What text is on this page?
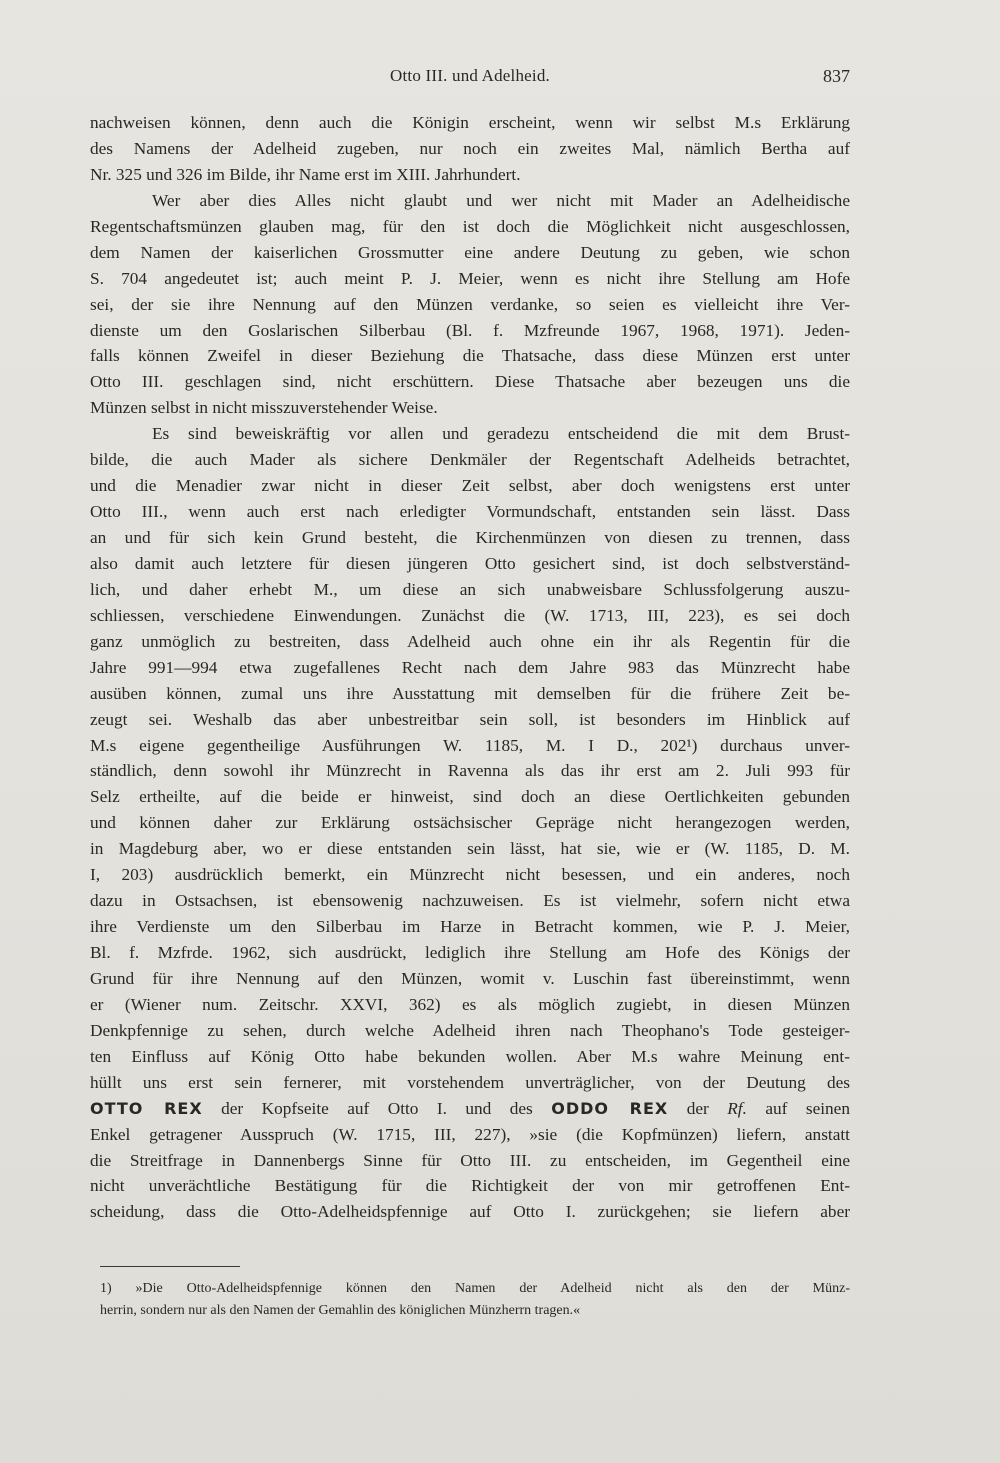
Otto III. und Adelheid.	837
nachweisen können, denn auch die Königin erscheint, wenn wir selbst M.s Erklärung
des Namens der Adelheid zugeben, nur noch ein zweites Mal, nämlich Bertha auf
Nr. 325 und 326 im Bilde, ihr Name erst im XIII. Jahrhundert.
Wer aber dies Alles nicht glaubt und wer nicht mit Mader an Adelheidische
Regentschaftsmünzen glauben mag, für den ist doch die Möglichkeit nicht ausgeschlossen,
dem Namen der kaiserlichen Grossmutter eine andere Deutung zu geben, wie schon
S. 704 angedeutet ist; auch meint P. J. Meier, wenn es nicht ihre Stellung am Hofe
sei, der sie ihre Nennung auf den Münzen verdanke, so seien es vielleicht ihre Ver-
dienste um den Goslarischen Silberbau (Bl. f. Mzfreunde 1967, 1968, 1971). Jeden-
falls können Zweifel in dieser Beziehung die Thatsache, dass diese Münzen erst unter
Otto III. geschlagen sind, nicht erschüttern. Diese Thatsache aber bezeugen uns die
Münzen selbst in nicht misszuverstehender Weise.
Es sind beweiskräftig vor allen und geradezu entscheidend die mit dem Brust-
bilde, die auch Mader als sichere Denkmäler der Regentschaft Adelheids betrachtet,
und die Menadier zwar nicht in dieser Zeit selbst, aber doch wenigstens erst unter
Otto III., wenn auch erst nach erledigter Vormundschaft, entstanden sein lässt. Dass
an und für sich kein Grund besteht, die Kirchenmünzen von diesen zu trennen, dass
also damit auch letztere für diesen jüngeren Otto gesichert sind, ist doch selbstverständ-
lich, und daher erhebt M., um diese an sich unabweisbare Schlussfolgerung auszu-
schliessen, verschiedene Einwendungen. Zunächst die (W. 1713, III, 223), es sei doch
ganz unmöglich zu bestreiten, dass Adelheid auch ohne ein ihr als Regentin für die
Jahre 991—994 etwa zugefallenes Recht nach dem Jahre 983 das Münzrecht habe
ausüben können, zumal uns ihre Ausstattung mit demselben für die frühere Zeit be-
zeugt sei. Weshalb das aber unbestreitbar sein soll, ist besonders im Hinblick auf
M.s eigene gegentheilige Ausführungen W. 1185, M. I D., 202¹) durchaus unver-
ständlich, denn sowohl ihr Münzrecht in Ravenna als das ihr erst am 2. Juli 993 für
Selz ertheilte, auf die beide er hinweist, sind doch an diese Oertlichkeiten gebunden
und können daher zur Erklärung ostsächsischer Gepräge nicht herangezogen werden,
in Magdeburg aber, wo er diese entstanden sein lässt, hat sie, wie er (W. 1185, D. M.
I, 203) ausdrücklich bemerkt, ein Münzrecht nicht besessen, und ein anderes, noch
dazu in Ostsachsen, ist ebensowenig nachzuweisen. Es ist vielmehr, sofern nicht etwa
ihre Verdienste um den Silberbau im Harze in Betracht kommen, wie P. J. Meier,
Bl. f. Mzfrde. 1962, sich ausdrückt, lediglich ihre Stellung am Hofe des Königs der
Grund für ihre Nennung auf den Münzen, womit v. Luschin fast übereinstimmt, wenn
er (Wiener num. Zeitschr. XXVI, 362) es als möglich zugiebt, in diesen Münzen
Denkpfennige zu sehen, durch welche Adelheid ihren nach Theophano's Tode gesteiger-
ten Einfluss auf König Otto habe bekunden wollen. Aber M.s wahre Meinung ent-
hüllt uns erst sein fernerer, mit vorstehendem unverträglicher, von der Deutung des
OTTO REX der Kopfseite auf Otto I. und des ODDO REX der Rf. auf seinen
Enkel getragener Ausspruch (W. 1715, III, 227), »sie (die Kopfmünzen) liefern, anstatt
die Streitfrage in Dannenbergs Sinne für Otto III. zu entscheiden, im Gegentheil eine
nicht unverächtliche Bestätigung für die Richtigkeit der von mir getroffenen Ent-
scheidung, dass die Otto-Adelheidspfennige auf Otto I. zurückgehen; sie liefern aber
1) »Die Otto-Adelheidspfennige können den Namen der Adelheid nicht als den der Münz-
herrin, sondern nur als den Namen der Gemahlin des königlichen Münzherrn tragen.«
